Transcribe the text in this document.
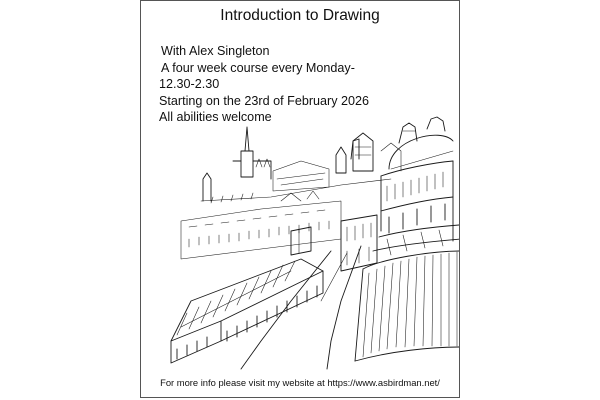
Introduction to Drawing
With Alex Singleton
A four week course every Monday-
12.30-2.30
Starting on the 23rd of February 2026
All abilities welcome
For more info please visit my website at https://www.asbirdman.net/
